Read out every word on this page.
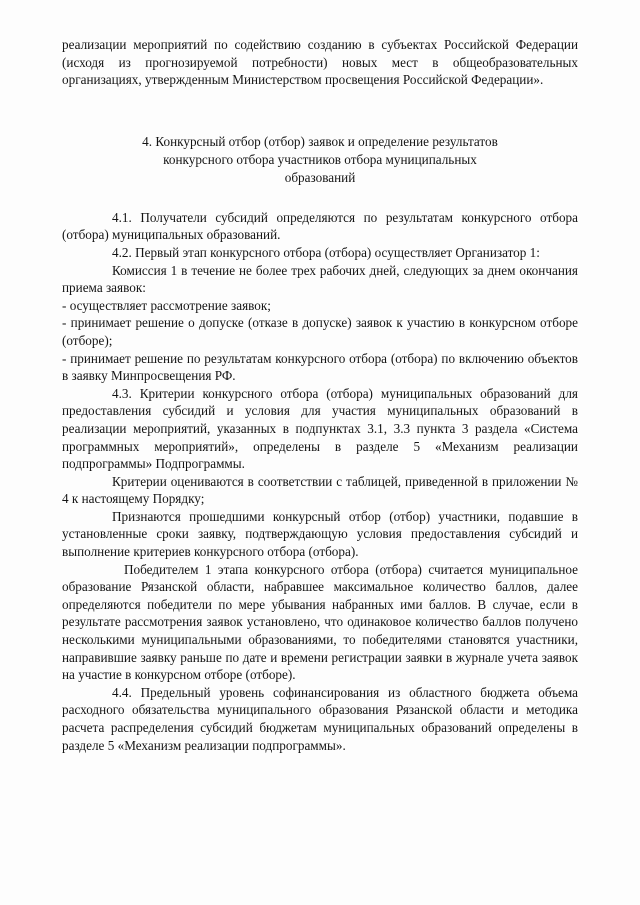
реализации мероприятий по содействию созданию в субъектах Российской Федерации (исходя из прогнозируемой потребности) новых мест в общеобразовательных организациях, утвержденным Министерством просвещения Российской Федерации».

4. Конкурсный отбор (отбор) заявок и определение результатов
конкурсного отбора участников отбора муниципальных
образований

4.1. Получатели субсидий определяются по результатам конкурсного отбора (отбора) муниципальных образований.

4.2. Первый этап конкурсного отбора (отбора) осуществляет Организатор 1:

Комиссия 1 в течение не более трех рабочих дней, следующих за днем окончания приема заявок:

- осуществляет рассмотрение заявок;

- принимает решение о допуске (отказе в допуске) заявок к участию в конкурсном отборе (отборе);

- принимает решение по результатам конкурсного отбора (отбора) по включению объектов в заявку Минпросвещения РФ.

4.3. Критерии конкурсного отбора (отбора) муниципальных образований для предоставления субсидий и условия для участия муниципальных образований в реализации мероприятий, указанных в подпунктах 3.1, 3.3 пункта 3 раздела «Система программных мероприятий», определены в разделе 5 «Механизм реализации подпрограммы» Подпрограммы.

Критерии оцениваются в соответствии с таблицей, приведенной в приложении № 4 к настоящему Порядку;

Признаются прошедшими конкурсный отбор (отбор) участники, подавшие в установленные сроки заявку, подтверждающую условия предоставления субсидий и выполнение критериев конкурсного отбора (отбора).

Победителем 1 этапа конкурсного отбора (отбора) считается муниципальное образование Рязанской области, набравшее максимальное количество баллов, далее определяются победители по мере убывания набранных ими баллов. В случае, если в результате рассмотрения заявок установлено, что одинаковое количество баллов получено несколькими муниципальными образованиями, то победителями становятся участники, направившие заявку раньше по дате и времени регистрации заявки в журнале учета заявок на участие в конкурсном отборе (отборе).

4.4. Предельный уровень софинансирования из областного бюджета объема расходного обязательства муниципального образования Рязанской области и методика расчета распределения субсидий бюджетам муниципальных образований определены в разделе 5 «Механизм реализации подпрограммы».
